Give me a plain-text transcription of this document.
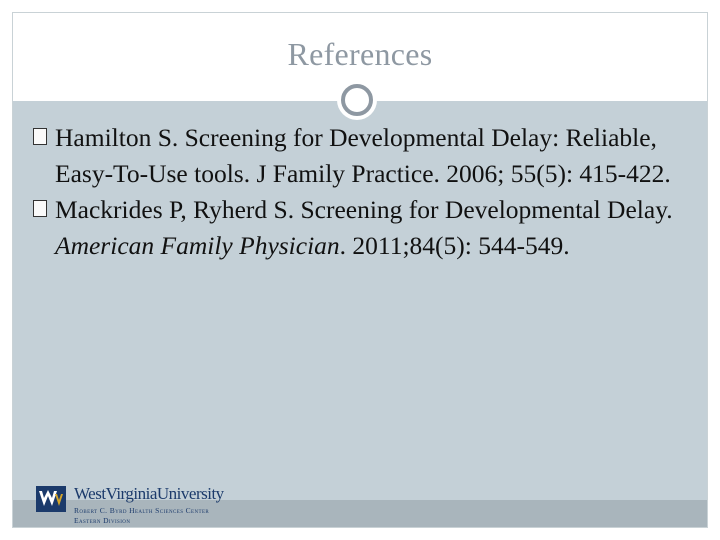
References
Hamilton S. Screening for Developmental Delay: Reliable, Easy-To-Use tools. J Family Practice. 2006; 55(5): 415-422.
Mackrides P, Ryherd S. Screening for Developmental Delay. American Family Physician. 2011;84(5): 544-549.
WestVirginiaUniversity
Robert C. Byrd Health Sciences Center
Eastern Division
